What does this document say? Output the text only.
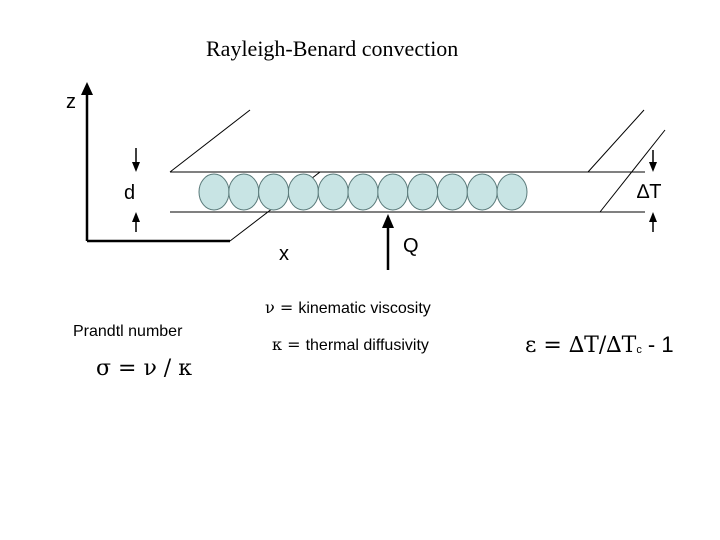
Rayleigh-Benard convection
z
x
d
Q
∆T
ν = kinematic viscosity
κ = thermal diffusivity
Prandtl number
σ = ν / κ
$\varepsilon = \Delta T/\Delta T_c - 1$
